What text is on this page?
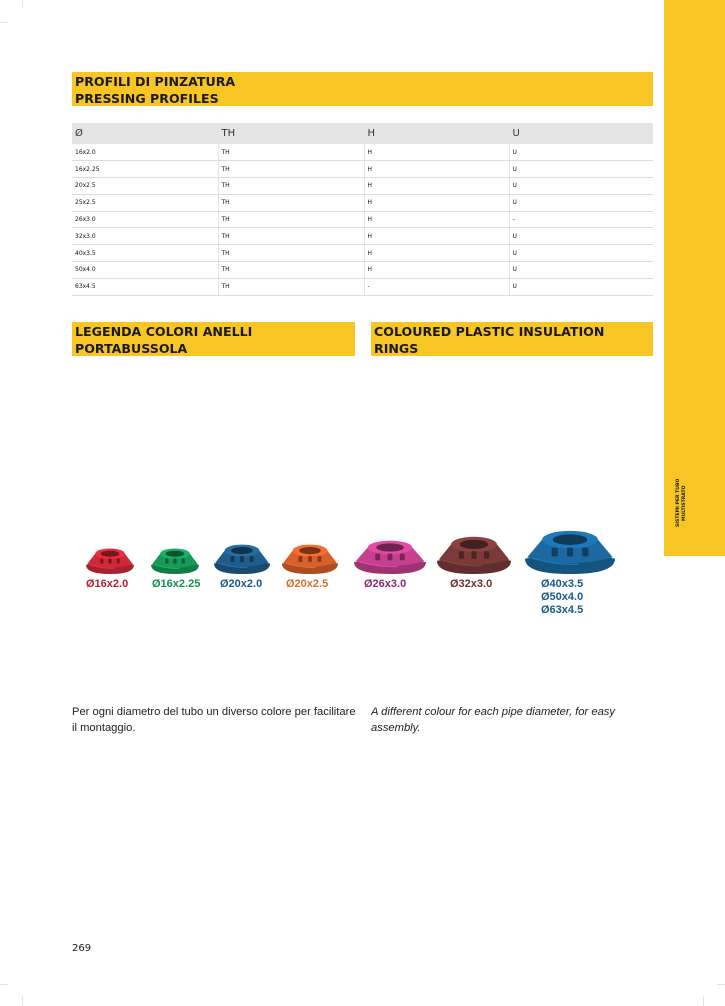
SISTEMI PER TUBO MULTISTRATO
PROFILI DI PINZATURA
PRESSING PROFILES
Ø	TH	H	U
16x2.0	TH	H	U
16x2.25	TH	H	U
20x2.5	TH	H	U
25x2.5	TH	H	U
26x3.0	TH	H	-
32x3.0	TH	H	U
40x3.5	TH	H	U
50x4.0	TH	H	U
63x4.5	TH	-	U
LEGENDA COLORI ANELLI
PORTABUSSOLA
COLOURED PLASTIC INSULATION
RINGS
Ø16x2.0 Ø16x2.25 Ø20x2.0 Ø20x2.5	Ø26x3.0	Ø32x3.0	Ø40x3.5
Ø50x4.0
Ø63x4.5
Per ogni diametro del tubo un diverso colore per facilitare il montaggio.
A different colour for each pipe diameter, for easy assembly.
269
